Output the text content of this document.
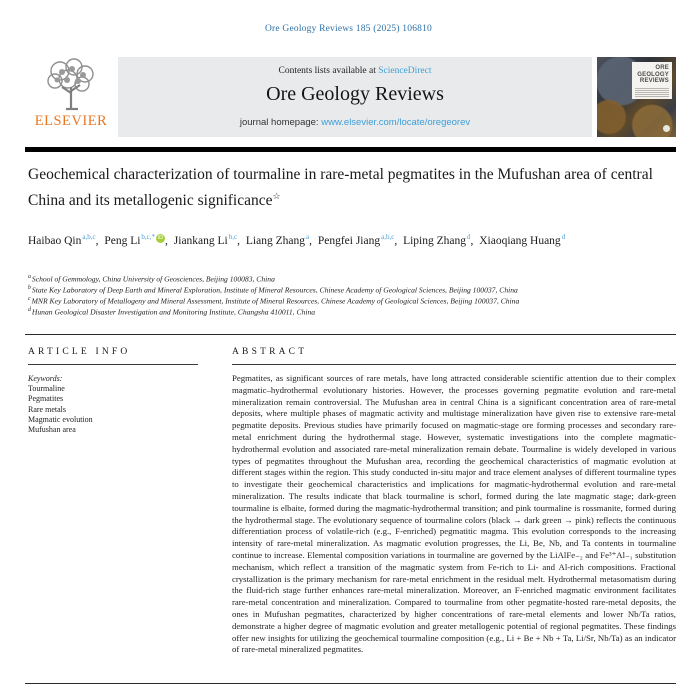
Ore Geology Reviews 185 (2025) 106810
ELSEVIER
Contents lists available at ScienceDirect
Ore Geology Reviews
journal homepage: www.elsevier.com/locate/oregeorev
ORE GEOLOGY REVIEWS
Geochemical characterization of tourmaline in rare-metal pegmatites in the Mufushan area of central China and its metallogenic significance☆
Haibao Qin$^{a,b,c}$, Peng $Li^{b,c,*}$ iD , Jiankang Li$^{b,c}$, Liang Zhang$^a$, Pengfei Jiang$^{a,b,c}$, Liping Zhang$^d$, Xiaoqiang Huang$^d$
$^a$School of Gemmology, China University of Geosciences, Beijing 100083, China
$^b$State Key Laboratory of Deep Earth and Mineral Exploration, Institute of Mineral Resources, Chinese Academy of Geological Sciences, Beijing 100037, China
$^c$MNR Key Laboratory of Metallogeny and Mineral Assessment, Institute of Mineral Resources, Chinese Academy of Geological Sciences, Beijing 100037, China
$^d$Hunan Geological Disaster Investigation and Monitoring Institute, Changsha 410011, China
ARTICLE INFO
Keywords:
Tourmaline
Pegmatites
Rare metals
Magmatic evolution
Mufushan area
ABSTRACT

Pegmatites, as significant sources of rare metals, have long attracted considerable scientific attention due to their complex magmatic–hydrothermal evolutionary histories. However, the processes governing pegmatite evolution and rare-metal mineralization remain controversial. The Mufushan area in central China is a significant concentration area of rare-metal deposits, where multiple phases of magmatic activity and multistage mineralization have given rise to extensive rare-metal pegmatite deposits. Previous studies have primarily focused on magmatic-stage ore forming processes and secondary rare-metal enrichment during the hydrothermal stage. However, systematic investigations into the complete magmatic-hydrothermal evolution and associated rare-metal mineralization remain debate. Tourmaline is widely developed in various types of pegmatites throughout the Mufushan area, recording the geochemical characteristics of magmatic evolution at different stages within the region. This study conducted in-situ major and trace element analyses of different tourmaline types to investigate their geochemical characteristics and implications for magmatic-hydrothermal evolution and rare-metal mineralization. The results indicate that black tourmaline is schorl, formed during the late magmatic stage; dark-green tourmaline is elbaite, formed during the magmatic-hydrothermal transition; and pink tourmaline is rossmanite, formed during the hydrothermal stage. The evolutionary sequence of tourmaline colors (black → dark green → pink) reflects the continuous differentiation process of volatile-rich (e.g., F-enriched) pegmatitic magma. This evolution corresponds to the increasing intensity of rare-metal mineralization. As magmatic evolution progresses, the Li, Be, Nb, and Ta contents in tourmaline continue to increase. Elemental composition variations in tourmaline are governed by the LiAlFe₋₂ and Fe³⁺Al₋₁ substitution mechanism, which reflect a transition of the magmatic system from Fe-rich to Li- and Al-rich compositions. Fractional crystallization is the primary mechanism for rare-metal enrichment in the residual melt. Hydrothermal metasomatism during the fluid-rich stage further enhances rare-metal mineralization. Moreover, an F-enriched magmatic environment facilitates rare-metal concentration and mineralization. Compared to tourmaline from other pegmatite-hosted rare-metal deposits, the ones in Mufushan pegmatites, characterized by higher concentrations of rare-metal elements and lower Nb/Ta ratios, demonstrate a higher degree of magmatic evolution and greater metallogenic potential of regional pegmatites. These findings offer new insights for utilizing the geochemical tourmaline composition (e.g., Li + Be + Nb + Ta, Li/Sr, Nb/Ta) as an indicator of rare-metal mineralized pegmatites.
